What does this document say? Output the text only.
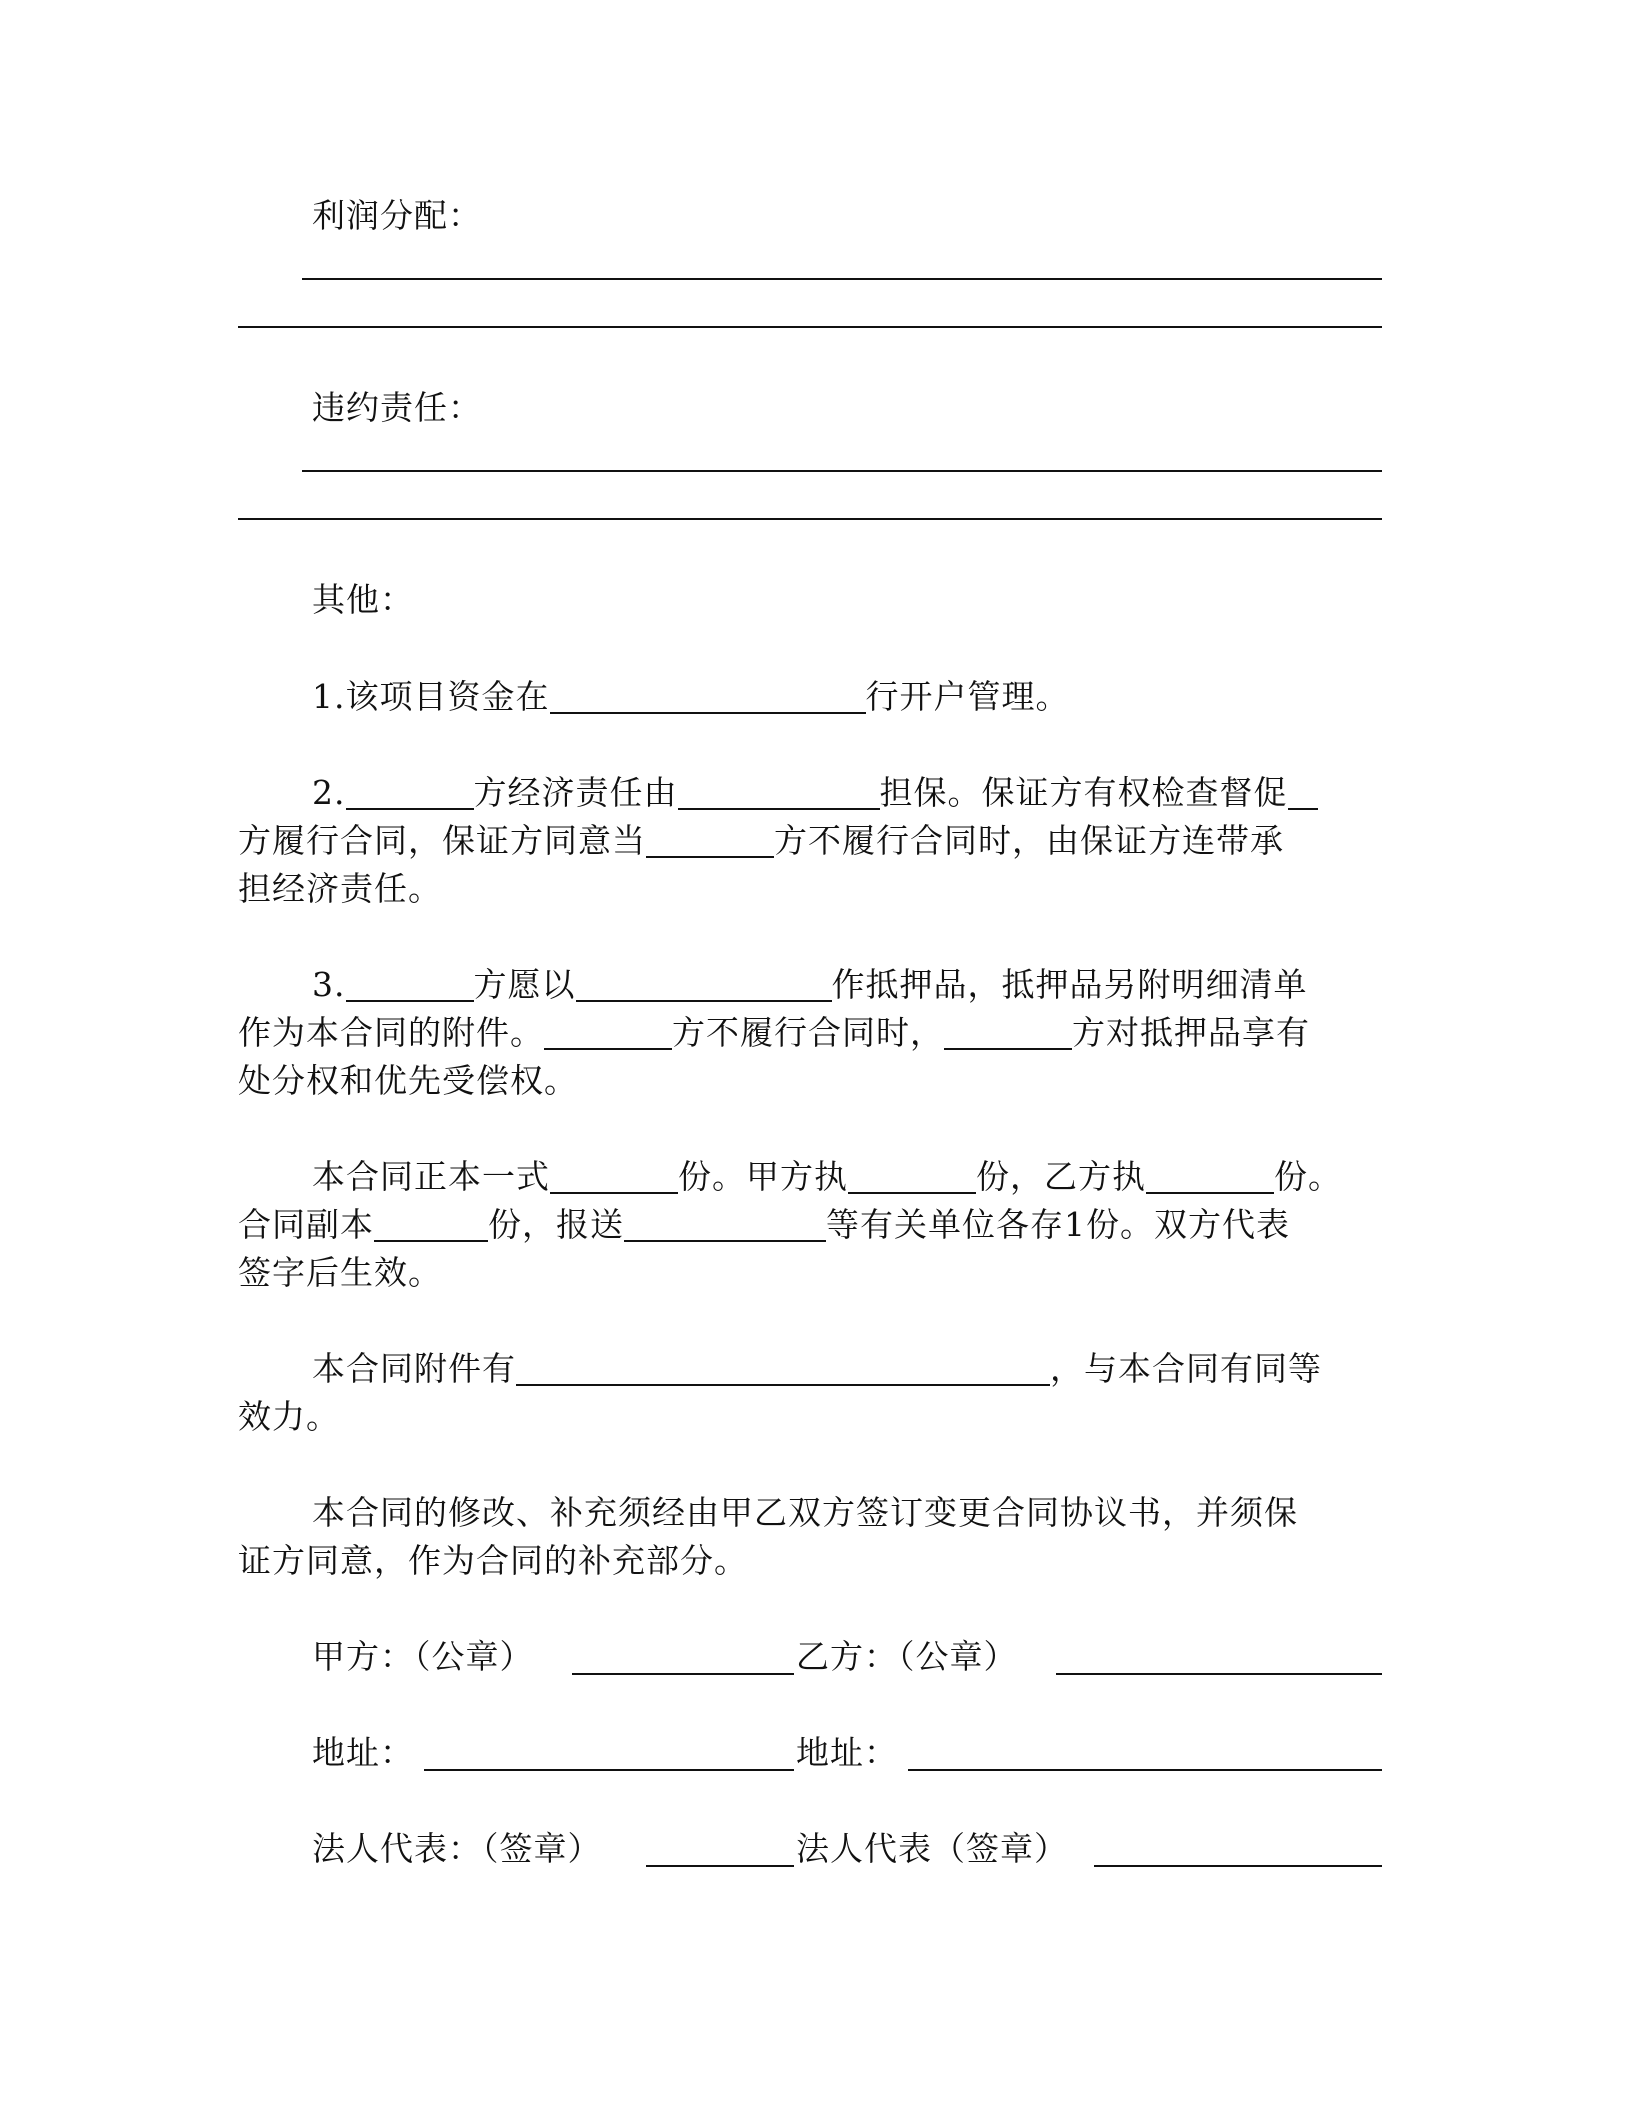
利润分配：
违约责任：
其他：
1.该项目资金在	行开户管理。
2.	方经济责任由	担保。保证方有权检查督促
方履行合同，保证方同意当	方不履行合同时，由保证方连带承
担经济责任。
3.	方愿以	作抵押品，抵押品另附明细清单
作为本合同的附件。	方不履行合同时，	方对抵押品享有
处分权和优先受偿权。
本合同正本一式	份。甲方执	份，乙方执	份。
合同副本	份，报送	等有关单位各存1份。双方代表
签字后生效。
本合同附件有	，与本合同有同等
效力。
本合同的修改、补充须经由甲乙双方签订变更合同协议书，并须保
证方同意，作为合同的补充部分。
甲方：（公章）	乙方：（公章）
地址：	地址：
法人代表：（签章）	法人代表（签章）
